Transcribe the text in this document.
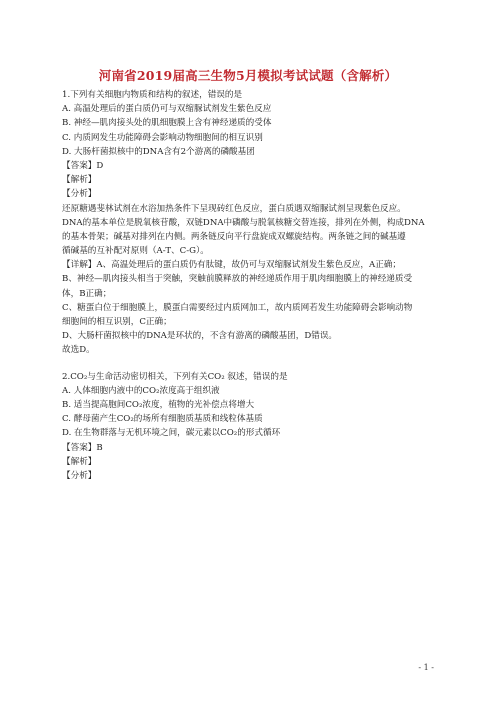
河南省2019届高三生物5月模拟考试试题（含解析）
1.下列有关细胞内物质和结构的叙述，错误的是
A. 高温处理后的蛋白质仍可与双缩脲试剂发生紫色反应
B. 神经—肌肉接头处的肌细胞膜上含有神经递质的受体
C. 内质网发生功能障碍会影响动物细胞间的相互识别
D. 大肠杆菌拟核中的DNA含有2个游离的磷酸基团
【答案】D
【解析】
【分析】
还原糖遇斐林试剂在水浴加热条件下呈现砖红色反应，蛋白质遇双缩脲试剂呈现紫色反应。
DNA的基本单位是脱氧核苷酸，双链DNA中磷酸与脱氧核糖交替连接，排列在外侧，构成DNA
的基本骨架；碱基对排列在内侧。两条链反向平行盘旋成双螺旋结构。两条链之间的碱基遵
循碱基的互补配对原则（A-T、C-G）。
【详解】A、高温处理后的蛋白质仍有肽键，故仍可与双缩脲试剂发生紫色反应，A正确；
B、神经—肌肉接头相当于突触，突触前膜释放的神经递质作用于肌肉细胞膜上的神经递质受
体，B正确；
C、糖蛋白位于细胞膜上，膜蛋白需要经过内质网加工，故内质网若发生功能障碍会影响动物
细胞间的相互识别，C正确；
D、大肠杆菌拟核中的DNA是环状的，不含有游离的磷酸基团，D错误。
故选D。
2.CO₂与生命活动密切相关，下列有关CO₂ 叙述，错误的是
A. 人体细胞内液中的CO₂浓度高于组织液
B. 适当提高胞间CO₂浓度，植物的光补偿点将增大
C. 酵母菌产生CO₂的场所有细胞质基质和线粒体基质
D. 在生物群落与无机环境之间，碳元素以CO₂的形式循环
【答案】B
【解析】
【分析】
- 1 -
